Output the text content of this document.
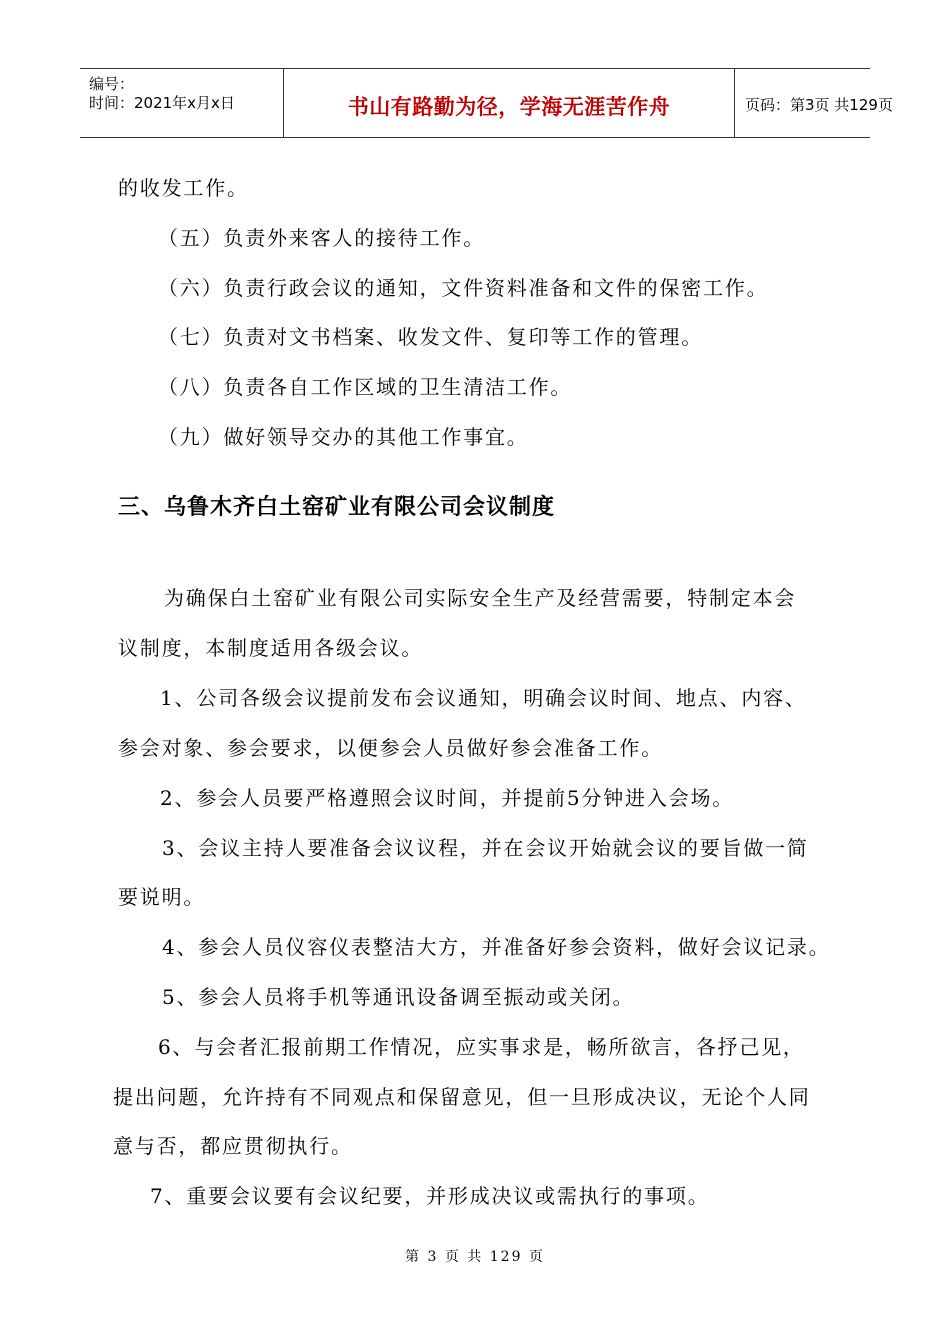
编号：
时间：2021年x月x日	书山有路勤为径，学海无涯苦作舟	页码：第3页 共129页
的收发工作。
（五）负责外来客人的接待工作。
（六）负责行政会议的通知，文件资料准备和文件的保密工作。
（七）负责对文书档案、收发文件、复印等工作的管理。
（八）负责各自工作区域的卫生清洁工作。
（九）做好领导交办的其他工作事宜。
三、乌鲁木齐白土窑矿业有限公司会议制度
为确保白土窑矿业有限公司实际安全生产及经营需要，特制定本会
议制度，本制度适用各级会议。
1、公司各级会议提前发布会议通知，明确会议时间、地点、内容、
参会对象、参会要求，以便参会人员做好参会准备工作。
2、参会人员要严格遵照会议时间，并提前5分钟进入会场。
3、会议主持人要准备会议议程，并在会议开始就会议的要旨做一简
要说明。
4、参会人员仪容仪表整洁大方，并准备好参会资料，做好会议记录。
5、参会人员将手机等通讯设备调至振动或关闭。
6、与会者汇报前期工作情况，应实事求是，畅所欲言，各抒己见，
提出问题，允许持有不同观点和保留意见，但一旦形成决议，无论个人同
意与否，都应贯彻执行。
7、重要会议要有会议纪要，并形成决议或需执行的事项。
第 3 页 共 129 页
